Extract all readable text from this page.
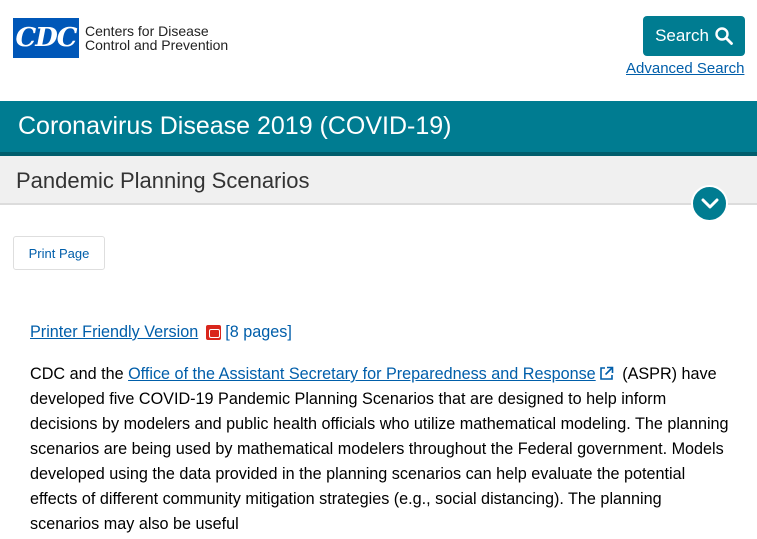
CDC Centers for Disease
Control and Prevention	Search
Advanced Search
Coronavirus Disease 2019 (COVID-19)
Pandemic Planning Scenarios
Print Page
Printer Friendly Version [8 pages]

CDC and the Office of the Assistant Secretary for Preparedness and Response (ASPR) have developed five COVID-19 Pandemic Planning Scenarios that are designed to help inform decisions by modelers and public health officials who utilize mathematical modeling. The planning scenarios are being used by mathematical modelers throughout the Federal government. Models developed using the data provided in the planning scenarios can help evaluate the potential effects of different community mitigation strategies (e.g., social distancing). The planning scenarios may also be useful
